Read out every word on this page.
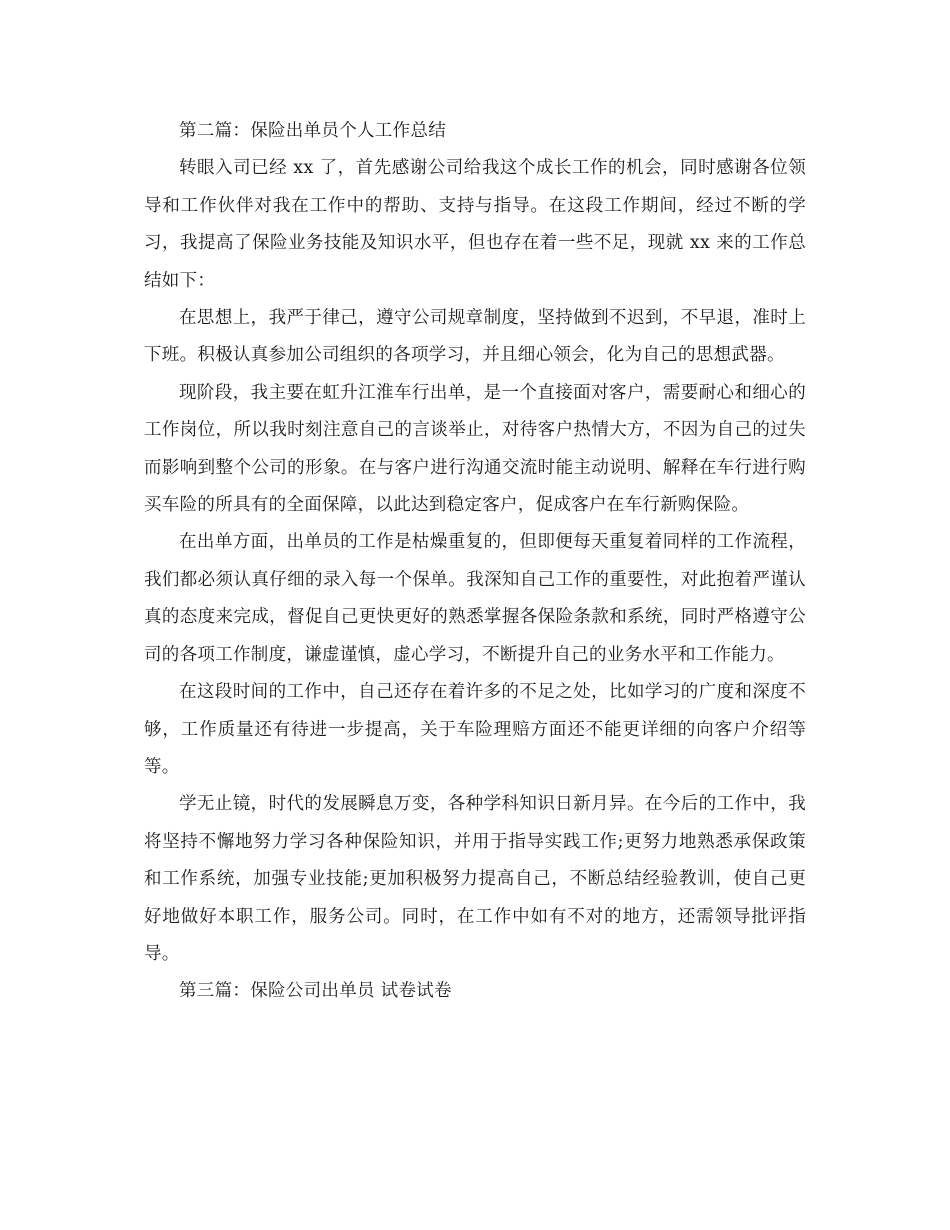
第二篇：保险出单员个人工作总结

转眼入司已经 xx 了，首先感谢公司给我这个成长工作的机会，同时感谢各位领导和工作伙伴对我在工作中的帮助、支持与指导。在这段工作期间，经过不断的学习，我提高了保险业务技能及知识水平，但也存在着一些不足，现就 xx 来的工作总结如下：

在思想上，我严于律己，遵守公司规章制度，坚持做到不迟到，不早退，准时上下班。积极认真参加公司组织的各项学习，并且细心领会，化为自己的思想武器。

现阶段，我主要在虹升江淮车行出单，是一个直接面对客户，需要耐心和细心的工作岗位，所以我时刻注意自己的言谈举止，对待客户热情大方，不因为自己的过失而影响到整个公司的形象。在与客户进行沟通交流时能主动说明、解释在车行进行购买车险的所具有的全面保障，以此达到稳定客户，促成客户在车行新购保险。

在出单方面，出单员的工作是枯燥重复的，但即便每天重复着同样的工作流程，我们都必须认真仔细的录入每一个保单。我深知自己工作的重要性，对此抱着严谨认真的态度来完成，督促自己更快更好的熟悉掌握各保险条款和系统，同时严格遵守公司的各项工作制度，谦虚谨慎，虚心学习，不断提升自己的业务水平和工作能力。

在这段时间的工作中，自己还存在着许多的不足之处，比如学习的广度和深度不够，工作质量还有待进一步提高，关于车险理赔方面还不能更详细的向客户介绍等等。

学无止镜，时代的发展瞬息万变，各种学科知识日新月异。在今后的工作中，我将坚持不懈地努力学习各种保险知识，并用于指导实践工作;更努力地熟悉承保政策和工作系统，加强专业技能;更加积极努力提高自己，不断总结经验教训，使自己更好地做好本职工作，服务公司。同时，在工作中如有不对的地方，还需领导批评指导。

第三篇：保险公司出单员 试卷试卷
